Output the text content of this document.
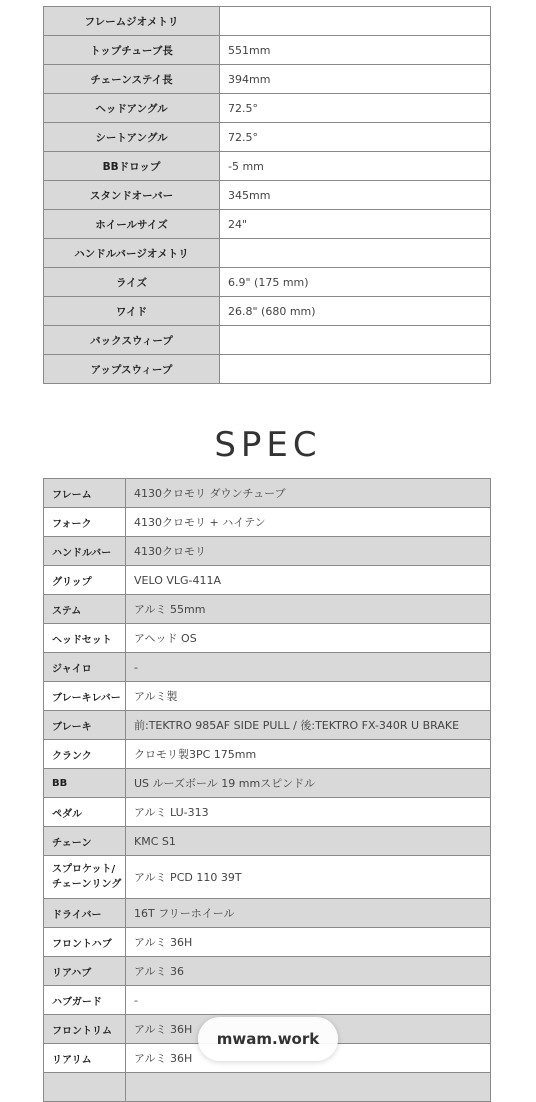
フレームジオメトリ	
トップチューブ長	551mm
チェーンステイ長	394mm
ヘッドアングル	72.5°
シートアングル	72.5°
BBドロップ	-5 mm
スタンドオーバー	345mm
ホイールサイズ	24"
ハンドルバージオメトリ	
ライズ	6.9" (175 mm)
ワイド	26.8" (680 mm)
バックスウィープ	
アップスウィープ	
SPEC
フレーム	4130クロモリ ダウンチューブ
フォーク	4130クロモリ + ハイテン
ハンドルバー	4130クロモリ
グリップ	VELO VLG-411A
ステム	アルミ 55mm
ヘッドセット	アヘッド OS
ジャイロ	-
ブレーキレバー	アルミ製
ブレーキ	前:TEKTRO 985AF SIDE PULL / 後:TEKTRO FX-340R U BRAKE
クランク	クロモリ製3PC 175mm
BB	US ルーズボール 19 mmスピンドル
ペダル	アルミ LU-313
チェーン	KMC S1
スプロケット/
チェーンリング	アルミ PCD 110 39T
ドライバー	16T フリーホイール
フロントハブ	アルミ 36H
リアハブ	アルミ 36
ハブガード	-
フロントリム	アルミ 36H
リアリム	アルミ 36H

mwam.work
